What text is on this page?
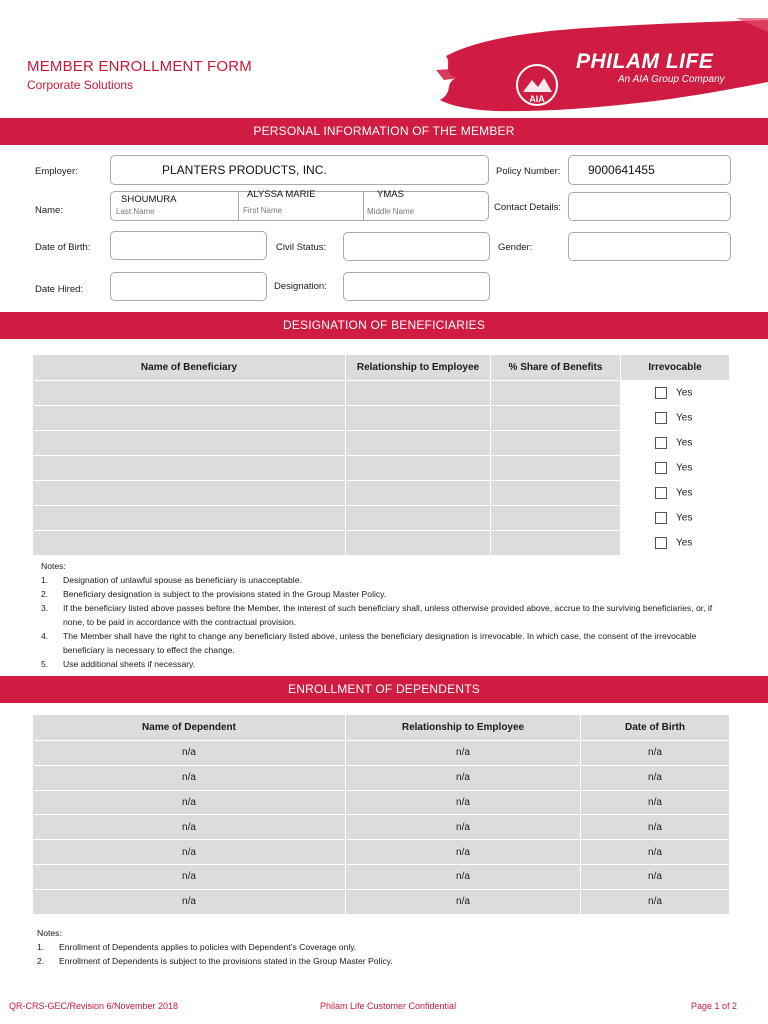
MEMBER ENROLLMENT FORM
Corporate Solutions
AIA
PHILAM LIFE
An AIA Group Company
PERSONAL INFORMATION OF THE MEMBER
Employer:	PLANTERS PRODUCTS, INC.	Policy Number: 9000641455
Name:
SHOUMURA	ALYSSA MARIE	YMAS
Last Name	First Name	Middle Name	Contact Details:
Date of Birth:	Civil Status:	Gender:
Date Hired:	Designation:
DESIGNATION OF BENEFICIARIES
Name of Beneficiary	Relationship to Employee	% Share of Benefits	Irrevocable
			Yes
			Yes
			Yes
			Yes
			Yes
			Yes
			Yes
Notes:
1.	Designation of unlawful spouse as beneficiary is unacceptable.
2.	Beneficiary designation is subject to the provisions stated in the Group Master Policy.
3.	If the beneficiary listed above passes before the Member, the interest of such beneficiary shall, unless otherwise provided above, accrue to the surviving beneficiaries, or, if none, to be paid in accordance with the contractual provision.
4.	The Member shall have the right to change any beneficiary listed above, unless the beneficiary designation is irrevocable. In which case, the consent of the irrevocable beneficiary is necessary to effect the change.
5.	Use additional sheets if necessary.
ENROLLMENT OF DEPENDENTS
Name of Dependent	Relationship to Employee	Date of Birth
n/a	n/a	n/a
n/a	n/a	n/a
n/a	n/a	n/a
n/a	n/a	n/a
n/a	n/a	n/a
n/a	n/a	n/a
n/a	n/a	n/a
Notes:
1.	Enrollment of Dependents applies to policies with Dependent’s Coverage only.
2.	Enrollment of Dependents is subject to the provisions stated in the Group Master Policy.
QR-CRS-GEC/Revision 6/November 2018	Philam Life Customer Confidential	Page 1 of 2
